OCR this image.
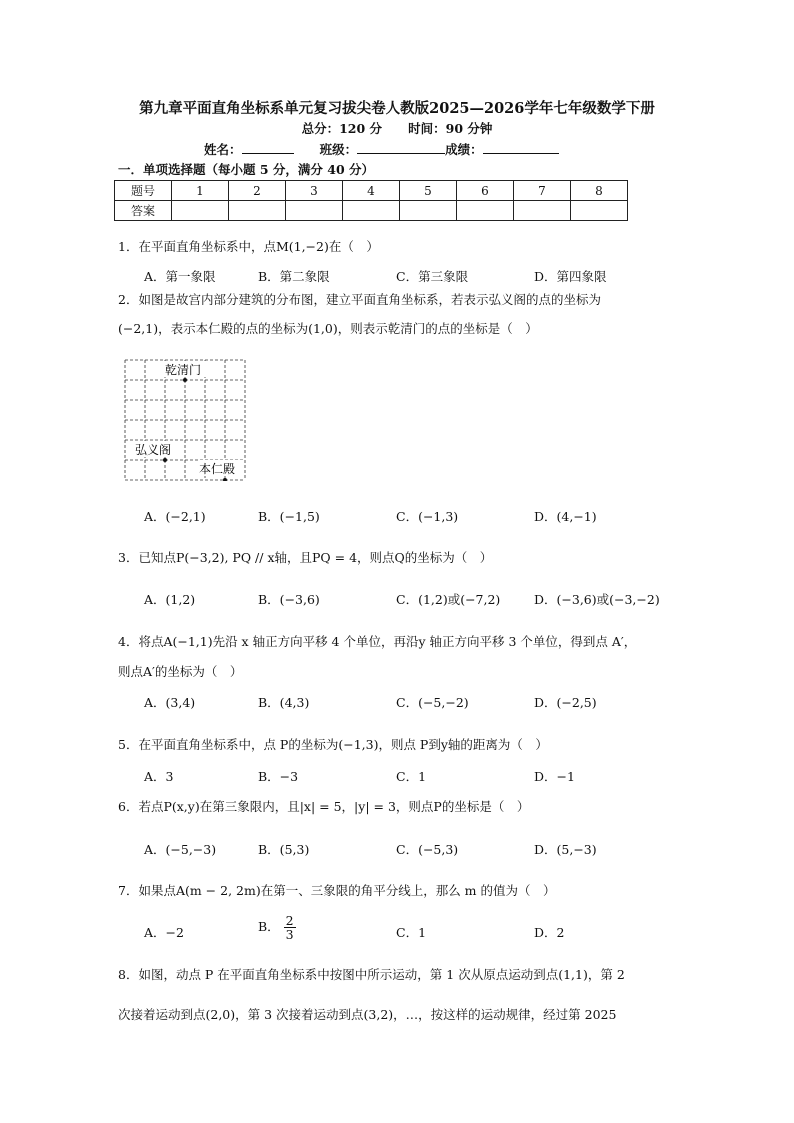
第九章平面直角坐标系单元复习拔尖卷人教版2025—2026学年七年级数学下册
总分：120 分 时间：90 分钟
姓名：	班级：	成绩：
一．单项选择题（每小题 5 分，满分 40 分）
题号	1	2	3	4	5	6	7	8
答案								
1．在平面直角坐标系中，点M(1,−2)在（　）
A．第一象限	B．第二象限	C．第三象限	D．第四象限
2．如图是故宫内部分建筑的分布图，建立平面直角坐标系，若表示弘义阁的点的坐标为
(−2,1)，表示本仁殿的点的坐标为(1,0)，则表示乾清门的点的坐标是（　）
乾清门
弘义阁
本仁殿
A．(−2,1)	B．(−1,5)	C．(−1,3)	D．(4,−1)
3．已知点P(−3,2), PQ // x轴，且PQ = 4，则点Q的坐标为（　）
A．(1,2)	B．(−3,6)	C．(1,2)或(−7,2)	D．(−3,6)或(−3,−2)
4．将点A(−1,1)先沿 x 轴正方向平移 4 个单位，再沿y 轴正方向平移 3 个单位，得到点 A′，
则点A′的坐标为（　）
A．(3,4)	B．(4,3)	C．(−5,−2)	D．(−2,5)
5．在平面直角坐标系中，点 P的坐标为(−1,3)，则点 P到y轴的距离为（　）
A．3	B．−3	C．1	D．−1
6．若点P(x,y)在第三象限内，且|x| = 5，|y| = 3，则点P的坐标是（　）
A．(−5,−3)	B．(5,3)	C．(−5,3)	D．(5,−3)
7．如果点A(m − 2, 2m)在第一、三象限的角平分线上，那么 m 的值为（　）
A．−2	B． $\frac{2}{3}$	C．1	D．2
8．如图，动点 P 在平面直角坐标系中按图中所示运动，第 1 次从原点运动到点(1,1)，第 2
次接着运动到点(2,0)，第 3 次接着运动到点(3,2)，…，按这样的运动规律，经过第 2025
